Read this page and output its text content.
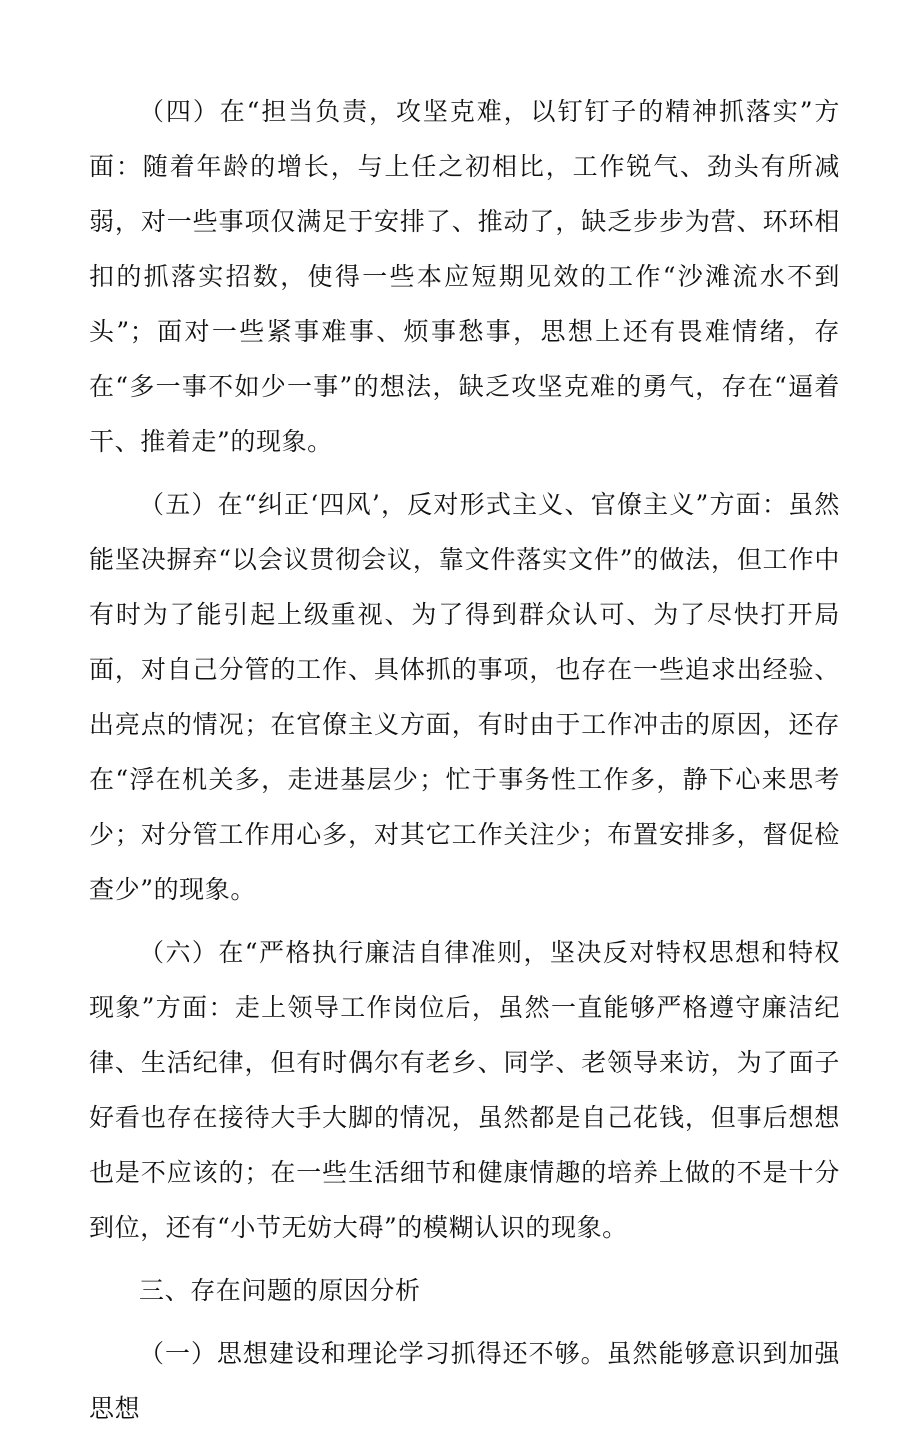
（四）在“担当负责，攻坚克难，以钉钉子的精神抓落实”方面：随着年龄的增长，与上任之初相比，工作锐气、劲头有所减弱，对一些事项仅满足于安排了、推动了，缺乏步步为营、环环相扣的抓落实招数，使得一些本应短期见效的工作“沙滩流水不到头”；面对一些紧事难事、烦事愁事，思想上还有畏难情绪，存在“多一事不如少一事”的想法，缺乏攻坚克难的勇气，存在“逼着干、推着走”的现象。

（五）在“纠正‘四风’，反对形式主义、官僚主义”方面：虽然能坚决摒弃“以会议贯彻会议，靠文件落实文件”的做法，但工作中有时为了能引起上级重视、为了得到群众认可、为了尽快打开局面，对自己分管的工作、具体抓的事项，也存在一些追求出经验、出亮点的情况；在官僚主义方面，有时由于工作冲击的原因，还存在“浮在机关多，走进基层少；忙于事务性工作多，静下心来思考少；对分管工作用心多，对其它工作关注少；布置安排多，督促检查少”的现象。

（六）在“严格执行廉洁自律准则，坚决反对特权思想和特权现象”方面：走上领导工作岗位后，虽然一直能够严格遵守廉洁纪律、生活纪律，但有时偶尔有老乡、同学、老领导来访，为了面子好看也存在接待大手大脚的情况，虽然都是自己花钱，但事后想想也是不应该的；在一些生活细节和健康情趣的培养上做的不是十分到位，还有“小节无妨大碍”的模糊认识的现象。

三、存在问题的原因分析

（一）思想建设和理论学习抓得还不够。虽然能够意识到加强思想
